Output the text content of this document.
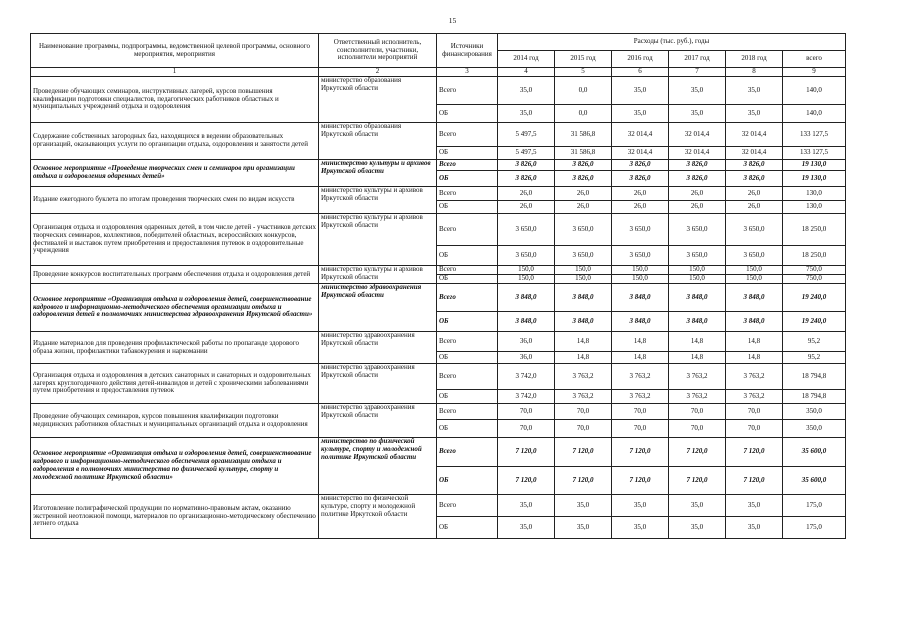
15
Наименование программы, подпрограммы, ведомственной целевой программы, основного мероприятия, мероприятия	Ответственный исполнитель, соисполнители, участники, исполнители мероприятий	Источники финансирования	Расходы (тыс. руб.), годы					
			2014 год	2015 год	2016 год	2017 год	2018 год	всего
1	2	3	4	5	6	7	8	9
Проведение обучающих семинаров, инструктивных лагерей, курсов повышения квалификации подготовки специалистов, педагогических работников областных и муниципальных учреждений отдыха и оздоровления	министерство образования Иркутской области	Всего	35,0	0,0	35,0	35,0	35,0	140,0
		ОБ	35,0	0,0	35,0	35,0	35,0	140,0
Содержание собственных загородных баз, находящихся в ведении образовательных организаций, оказывающих услуги по организации отдыха, оздоровления и занятости детей	министерство образования Иркутской области	Всего	5 497,5	31 586,8	32 014,4	32 014,4	32 014,4	133 127,5
		ОБ	5 497,5	31 586,8	32 014,4	32 014,4	32 014,4	133 127,5
Основное мероприятие «Проведение творческих смен и семинаров при организации отдыха и оздоровления одаренных детей»	министерство культуры и архивов Иркутской области	Всего	3 826,0	3 826,0	3 826,0	3 826,0	3 826,0	19 130,0
		ОБ	3 826,0	3 826,0	3 826,0	3 826,0	3 826,0	19 130,0
Издание ежегодного буклета по итогам проведения творческих смен по видам искусств	министерство культуры и архивов Иркутской области	Всего	26,0	26,0	26,0	26,0	26,0	130,0
		ОБ	26,0	26,0	26,0	26,0	26,0	130,0
Организация отдыха и оздоровления одаренных детей, в том числе детей - участников детских творческих семинаров, коллективов, победителей областных, всероссийских конкурсов, фестивалей и выставок путем приобретения и предоставления путевок в оздоровительные учреждения	министерство культуры и архивов Иркутской области	Всего	3 650,0	3 650,0	3 650,0	3 650,0	3 650,0	18 250,0
		ОБ	3 650,0	3 650,0	3 650,0	3 650,0	3 650,0	18 250,0
Проведение конкурсов воспитательных программ обеспечения отдыха и оздоровления детей	министерство культуры и архивов Иркутской области	Всего	150,0	150,0	150,0	150,0	150,0	750,0
		ОБ	150,0	150,0	150,0	150,0	150,0	750,0
Основное мероприятие «Организация отдыха и оздоровления детей, совершенствование кадрового и информационно-методического обеспечения организации отдыха и оздоровления детей в полномочиях министерства здравоохранения Иркутской области»	министерство здравоохранения Иркутской области	Всего	3 848,0	3 848,0	3 848,0	3 848,0	3 848,0	19 240,0
		ОБ	3 848,0	3 848,0	3 848,0	3 848,0	3 848,0	19 240,0
Издание материалов для проведения профилактической работы по пропаганде здорового образа жизни, профилактики табакокурения и наркомании	министерство здравоохранения Иркутской области	Всего	36,0	14,8	14,8	14,8	14,8	95,2
		ОБ	36,0	14,8	14,8	14,8	14,8	95,2
Организация отдыха и оздоровления в детских санаторных и санаторных и оздоровительных лагерях круглогодичного действия детей-инвалидов и детей с хроническими заболеваниями путем приобретения и предоставления путевок	министерство здравоохранения Иркутской области	Всего	3 742,0	3 763,2	3 763,2	3 763,2	3 763,2	18 794,8
		ОБ	3 742,0	3 763,2	3 763,2	3 763,2	3 763,2	18 794,8
Проведение обучающих семинаров, курсов повышения квалификации подготовки медицинских работников областных и муниципальных организаций отдыха и оздоровления	министерство здравоохранения Иркутской области	Всего	70,0	70,0	70,0	70,0	70,0	350,0
		ОБ	70,0	70,0	70,0	70,0	70,0	350,0
Основное мероприятие «Организация отдыха и оздоровления детей, совершенствование кадрового и информационно-методического обеспечения организации отдыха и оздоровления в полномочиях министерства по физической культуре, спорту и молодежной политике Иркутской области»	министерство по физической культуре, спорту и молодежной политике Иркутской области	Всего	7 120,0	7 120,0	7 120,0	7 120,0	7 120,0	35 600,0
		ОБ	7 120,0	7 120,0	7 120,0	7 120,0	7 120,0	35 600,0
Изготовление полиграфической продукции по нормативно-правовым актам, оказанию экстренной неотложной помощи, материалов по организационно-методическому обеспечению летнего отдыха	министерство по физической культуре, спорту и молодежной политике Иркутской области	Всего	35,0	35,0	35,0	35,0	35,0	175,0
		ОБ	35,0	35,0	35,0	35,0	35,0	175,0
